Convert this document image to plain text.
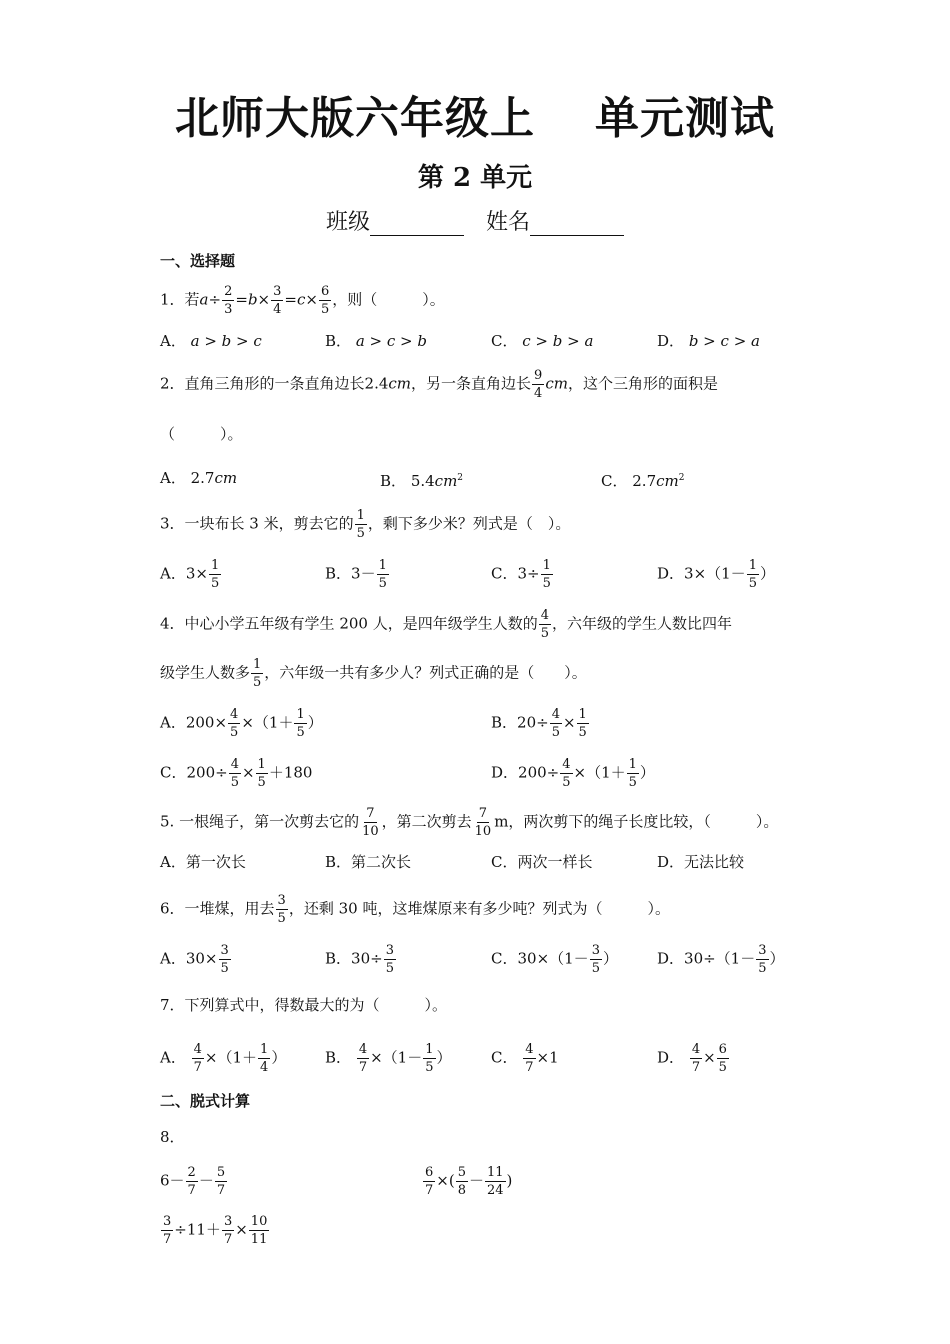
北师大版六年级上 单元测试
第 2 单元
班级	姓名
一、选择题
1．若$a\div \frac{2}{3} =b\times \frac{3}{4} =c\times \frac{6}{5}$ ，则（　　　）。
A． a > b > c	B． a > c > b	C． c > b > a	D． b > c > a
2．直角三角形的一条直角边长2.4cm，另一条直角边长 $\frac{9}{4}$ cm，这个三角形的面积是
（　　　）。
A． 2.7cm	B． $5.4cm^2$	C． $2.7cm^2$
3．一块布长 3 米，剪去它的 $\frac{1}{5}$ ，剩下多少米？列式是（　）。
A．$3\times \frac{1}{5}$	B．$3- \frac{1}{5}$	C．$3\div \frac{1}{5}$	D．$3\times(1- \frac{1}{5}$ ）
4．中心小学五年级有学生 200 人，是四年级学生人数的 $\frac{4}{5}$ ，六年级的学生人数比四年
级学生人数多 $\frac{1}{5}$ ，六年级一共有多少人？列式正确的是（　　）。
A．$200\times \frac{4}{5} \times(1+ \frac{1}{5}$ ）	B．$20\div \frac{4}{5} \times \frac{1}{5}$
C．$200\div \frac{4}{5} \times \frac{1}{5} +180$	D．$200\div \frac{4}{5} \times(1+ \frac{1}{5}$ ）
5. 一根绳子，第一次剪去它的 $\frac{7}{10}$ ，第二次剪去 $\frac{7}{10}$ m，两次剪下的绳子长度比较，（　　　）。
A．第一次长	B．第二次长	C．两次一样长	D．无法比较
6．一堆煤，用去 $\frac{3}{5}$ ，还剩 30 吨，这堆煤原来有多少吨？列式为（　　　）。
A．$30\times \frac{3}{5}$	B．$30\div \frac{3}{5}$	C．$30\times(1- \frac{3}{5}$ ）	D．$30\div(1- \frac{3}{5}$ ）
7．下列算式中，得数最大的为（　　　）。
A． $\frac{4}{7} \times(1+ \frac{1}{4}$ ）	B． $\frac{4}{7} \times(1- \frac{1}{5}$ ）	C． $\frac{4}{7} \times 1$	D． $\frac{4}{7} \times \frac{6}{5}$
二、脱式计算
8．
$6- \frac{2}{7} - \frac{5}{7}$	$\frac{6}{7}$ ×( $\frac{5}{8} - \frac{11}{24}$ )
$\frac{3}{7} \div 11+ \frac{3}{7} \times \frac{10}{11}$
